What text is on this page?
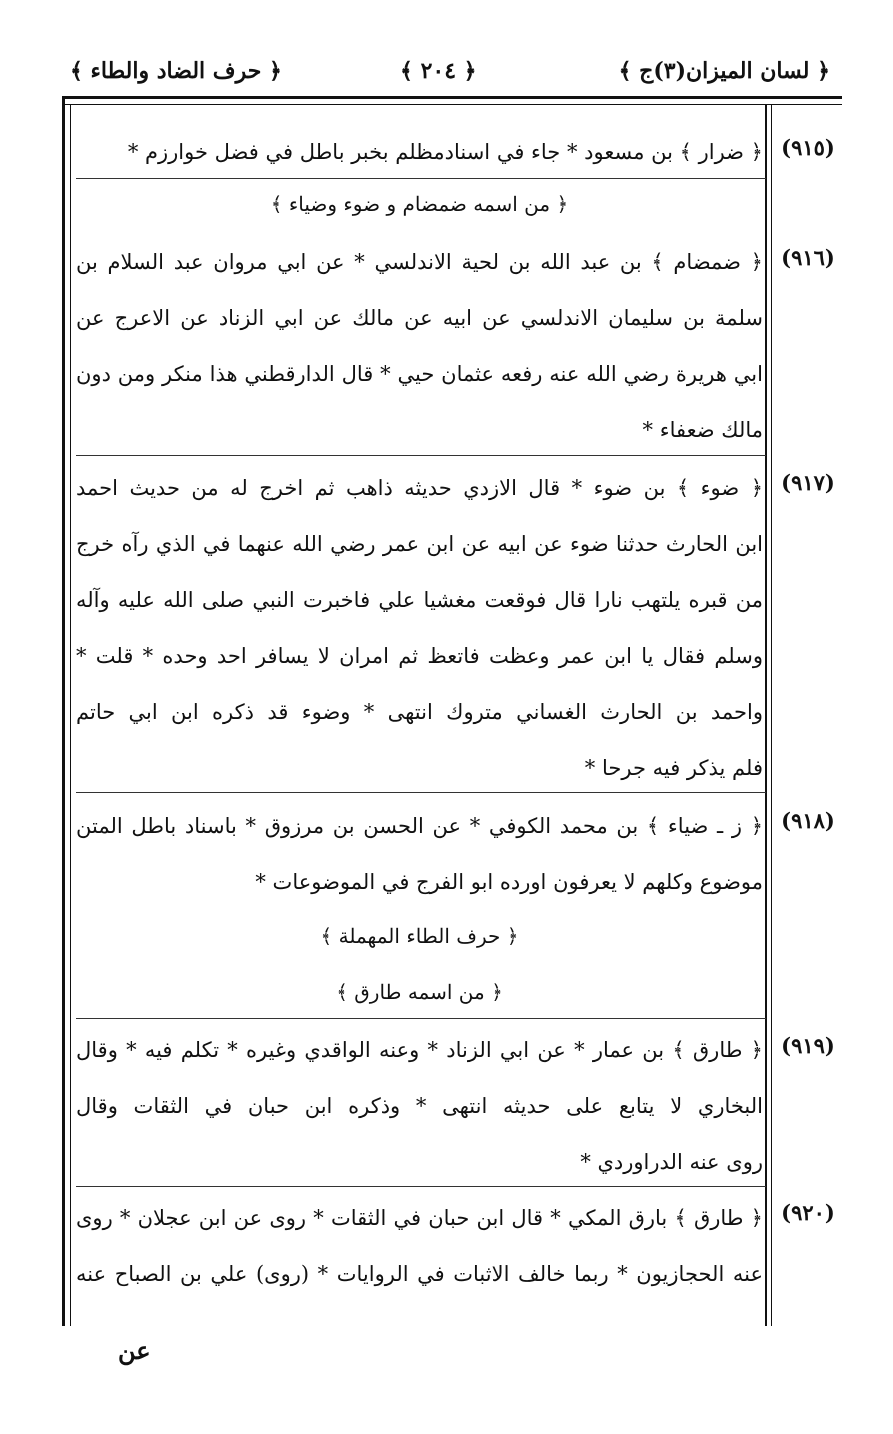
﴿ لسان الميزان(٣)ج ﴾
﴿ ٢٠٤ ﴾
﴿ حرف الضاد والطاء ﴾
(٩١٥)
(٩١٦)
(٩١٧)
(٩١٨)
(٩١٩)
(٩٢٠)
﴿ ضرار ﴾ بن مسعود * جاء في اسنادمظلم بخبر باطل في فضل خوارزم *
﴿ من اسمه ضمضام و ضوء وضياء ﴾
﴿ ضمضام ﴾ بن عبد الله بن لحية الاندلسي * عن ابي مروان عبد السلام بن
سلمة بن سليمان الاندلسي عن ابيه عن مالك عن ابي الزناد عن الاعرج عن
ابي هريرة رضي الله عنه رفعه عثمان حيي * قال الدارقطني هذا منكر ومن دون
مالك ضعفاء *
﴿ ضوء ﴾ بن ضوء * قال الازدي حديثه ذاهب ثم اخرج له من حديث احمد
ابن الحارث حدثنا ضوء عن ابيه عن ابن عمر رضي الله عنهما في الذي رآه خرج
من قبره يلتهب نارا قال فوقعت مغشيا علي فاخبرت النبي صلى الله عليه وآله
وسلم فقال يا ابن عمر وعظت فاتعظ ثم امران لا يسافر احد وحده * قلت *
واحمد بن الحارث الغساني متروك انتهى * وضوء قد ذكره ابن ابي حاتم
فلم يذكر فيه جرحا *
﴿ ز ـ ضياء ﴾ بن محمد الكوفي * عن الحسن بن مرزوق * باسناد باطل المتن
موضوع وكلهم لا يعرفون اورده ابو الفرج في الموضوعات *
﴿ حرف الطاء المهملة ﴾
﴿ من اسمه طارق ﴾
﴿ طارق ﴾ بن عمار * عن ابي الزناد * وعنه الواقدي وغيره * تكلم فيه * وقال
البخاري لا يتابع على حديثه انتهى * وذكره ابن حبان في الثقات وقال
روى عنه الدراوردي *
﴿ طارق ﴾ بارق المكي * قال ابن حبان في الثقات * روى عن ابن عجلان * روى
عنه الحجازيون * ربما خالف الاثبات في الروايات * (روى) علي بن الصباح عنه
عن
